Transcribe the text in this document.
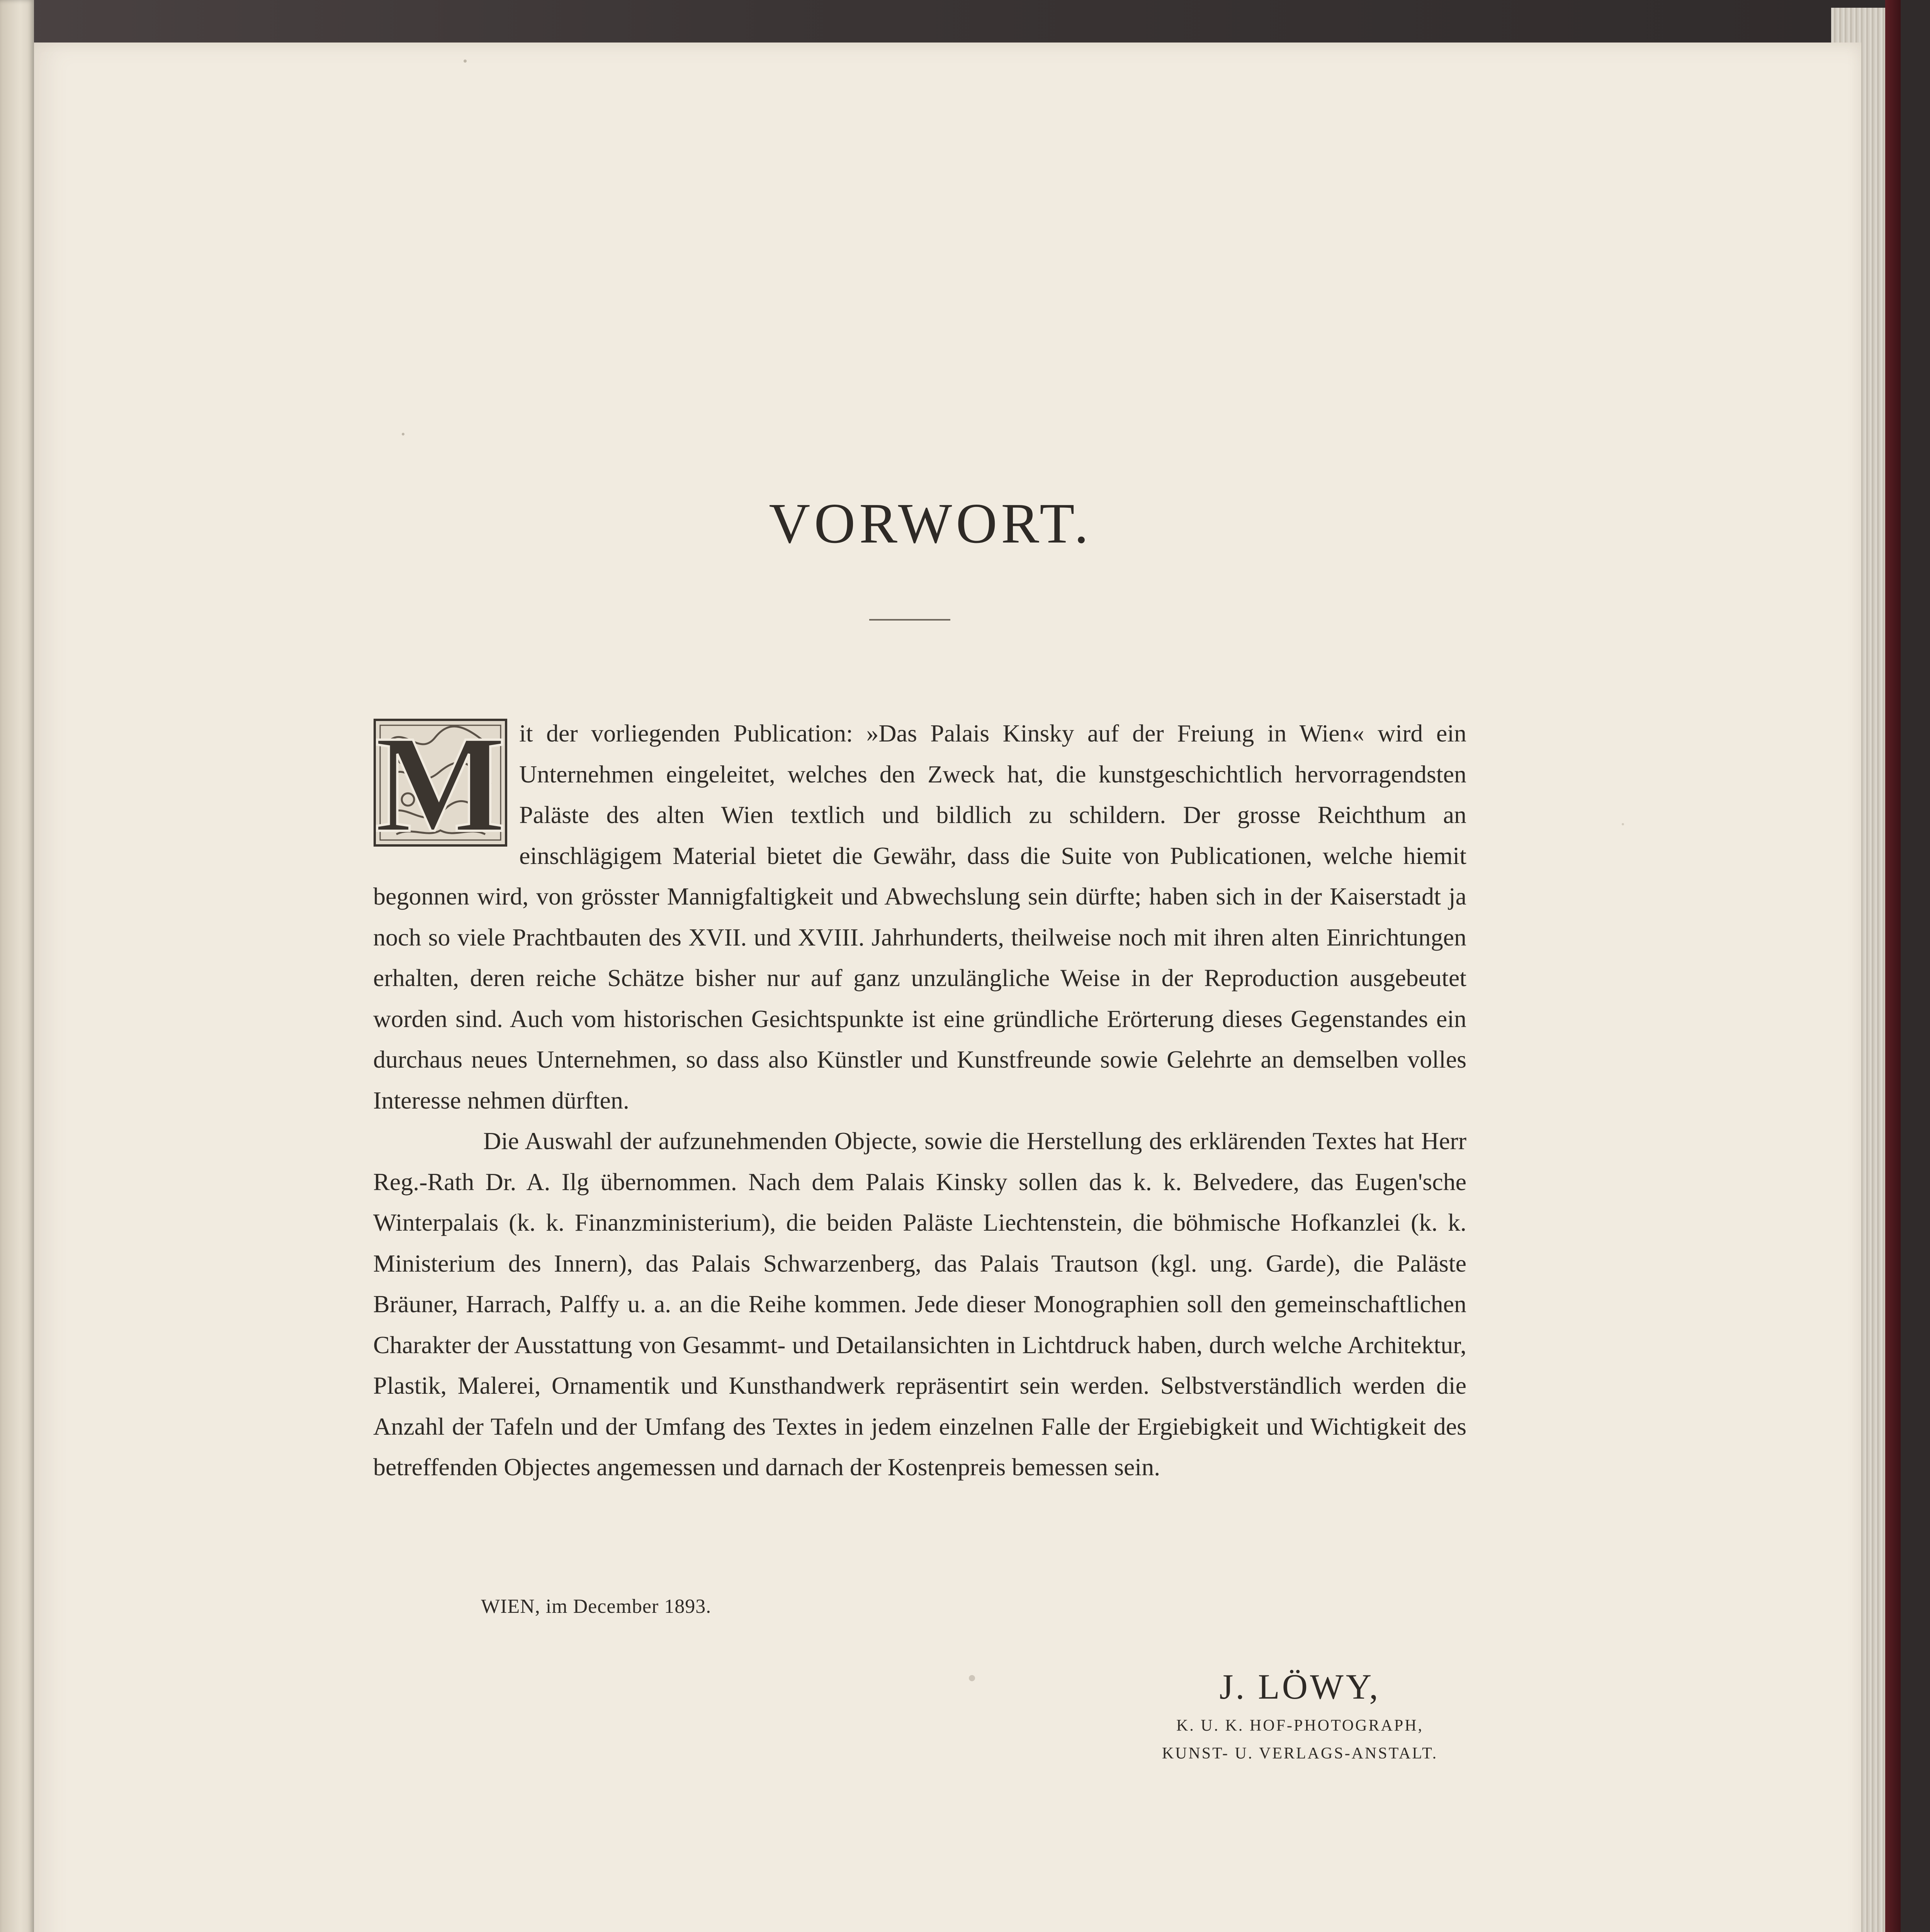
VORWORT.
M it der vorliegenden Publication: »Das Palais Kinsky auf der Freiung in Wien« wird ein Unternehmen eingeleitet, welches den Zweck hat, die kunstgeschichtlich hervorragendsten Paläste des alten Wien textlich und bildlich zu schildern. Der grosse Reichthum an einschlägigem Material bietet die Gewähr, dass die Suite von Publicationen, welche hiemit begonnen wird, von grösster Mannigfaltigkeit und Abwechslung sein dürfte; haben sich in der Kaiserstadt ja noch so viele Prachtbauten des XVII. und XVIII. Jahrhunderts, theilweise noch mit ihren alten Einrichtungen erhalten, deren reiche Schätze bisher nur auf ganz unzulängliche Weise in der Reproduction ausgebeutet worden sind. Auch vom historischen Gesichtspunkte ist eine gründliche Erörterung dieses Gegenstandes ein durchaus neues Unternehmen, so dass also Künstler und Kunstfreunde sowie Gelehrte an demselben volles Interesse nehmen dürften.

Die Auswahl der aufzunehmenden Objecte, sowie die Herstellung des erklärenden Textes hat Herr Reg.-Rath Dr. A. Ilg übernommen. Nach dem Palais Kinsky sollen das k. k. Belvedere, das Eugen'sche Winterpalais (k. k. Finanzministerium), die beiden Paläste Liechtenstein, die böhmische Hofkanzlei (k. k. Ministerium des Innern), das Palais Schwarzenberg, das Palais Trautson (kgl. ung. Garde), die Paläste Bräuner, Harrach, Palffy u. a. an die Reihe kommen. Jede dieser Monographien soll den gemeinschaftlichen Charakter der Ausstattung von Gesammt- und Detailansichten in Lichtdruck haben, durch welche Architektur, Plastik, Malerei, Ornamentik und Kunsthandwerk repräsentirt sein werden. Selbstverständlich werden die Anzahl der Tafeln und der Umfang des Textes in jedem einzelnen Falle der Ergiebigkeit und Wichtigkeit des betreffenden Objectes angemessen und darnach der Kostenpreis bemessen sein.

WIEN, im December 1893.
J. LÖWY,
K. U. K. HOF-PHOTOGRAPH,
KUNST- U. VERLAGS-ANSTALT.
